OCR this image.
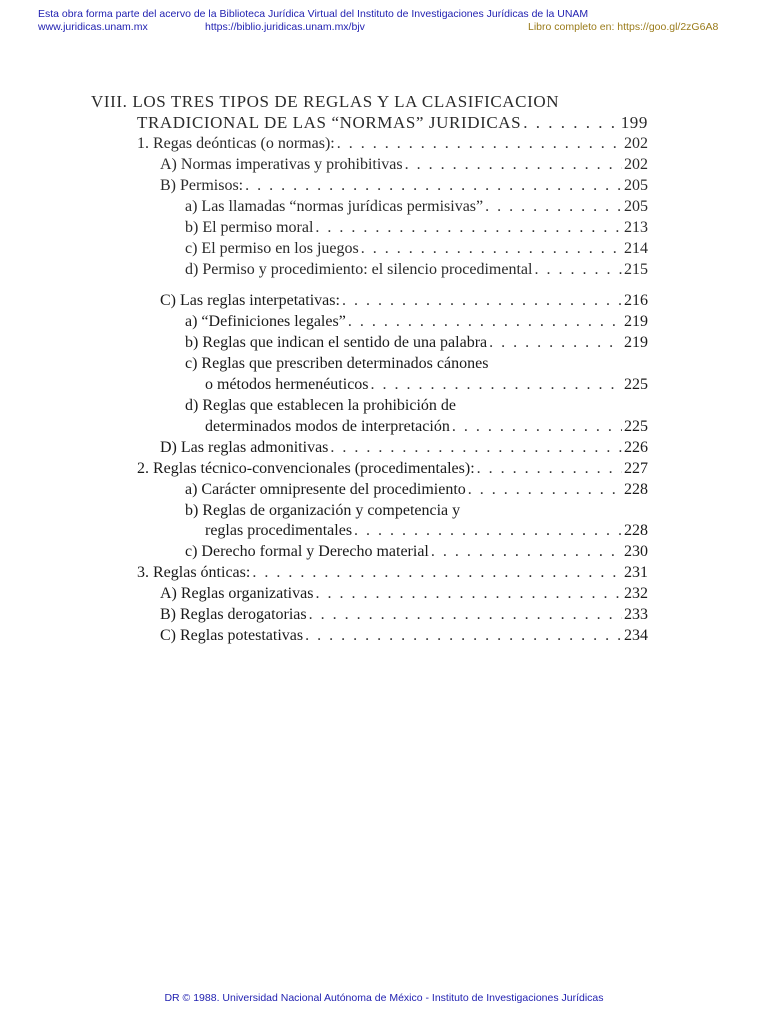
Esta obra forma parte del acervo de la Biblioteca Jurídica Virtual del Instituto de Investigaciones Jurídicas de la UNAM
www.juridicas.unam.mx	https://biblio.juridicas.unam.mx/bjv	Libro completo en: https://goo.gl/2zG6A8
VIII. LOS TRES TIPOS DE REGLAS Y LA CLASIFICACION
TRADICIONAL DE LAS “NORMAS” JURIDICAS . . .	199
1. Regas deónticas (o normas): . . .	202
A) Normas imperativas y prohibitivas . . .	202
B) Permisos: . . .	205
a) Las llamadas “normas jurídicas permisivas” . . .	205
b) El permiso moral . . .	213
c) El permiso en los juegos . . .	214
d) Permiso y procedimiento: el silencio procedimental . . .	215
C) Las reglas interpetativas: . . .	216
a) “Definiciones legales” . . .	219
b) Reglas que indican el sentido de una palabra . . .	219
c) Reglas que prescriben determinados cánones
o métodos hermenéuticos . . .	225
d) Reglas que establecen la prohibición de
determinados modos de interpretación . . .	225
D) Las reglas admonitivas . . .	226
2. Reglas técnico-convencionales (procedimentales): . . .	227
a) Carácter omnipresente del procedimiento . . .	228
b) Reglas de organización y competencia y
reglas procedimentales . . .	228
c) Derecho formal y Derecho material . . .	230
3. Reglas ónticas: . . .	231
A) Reglas organizativas . . .	232
B) Reglas derogatorias . . .	233
C) Reglas potestativas . . .	234
DR © 1988. Universidad Nacional Autónoma de México - Instituto de Investigaciones Jurídicas
